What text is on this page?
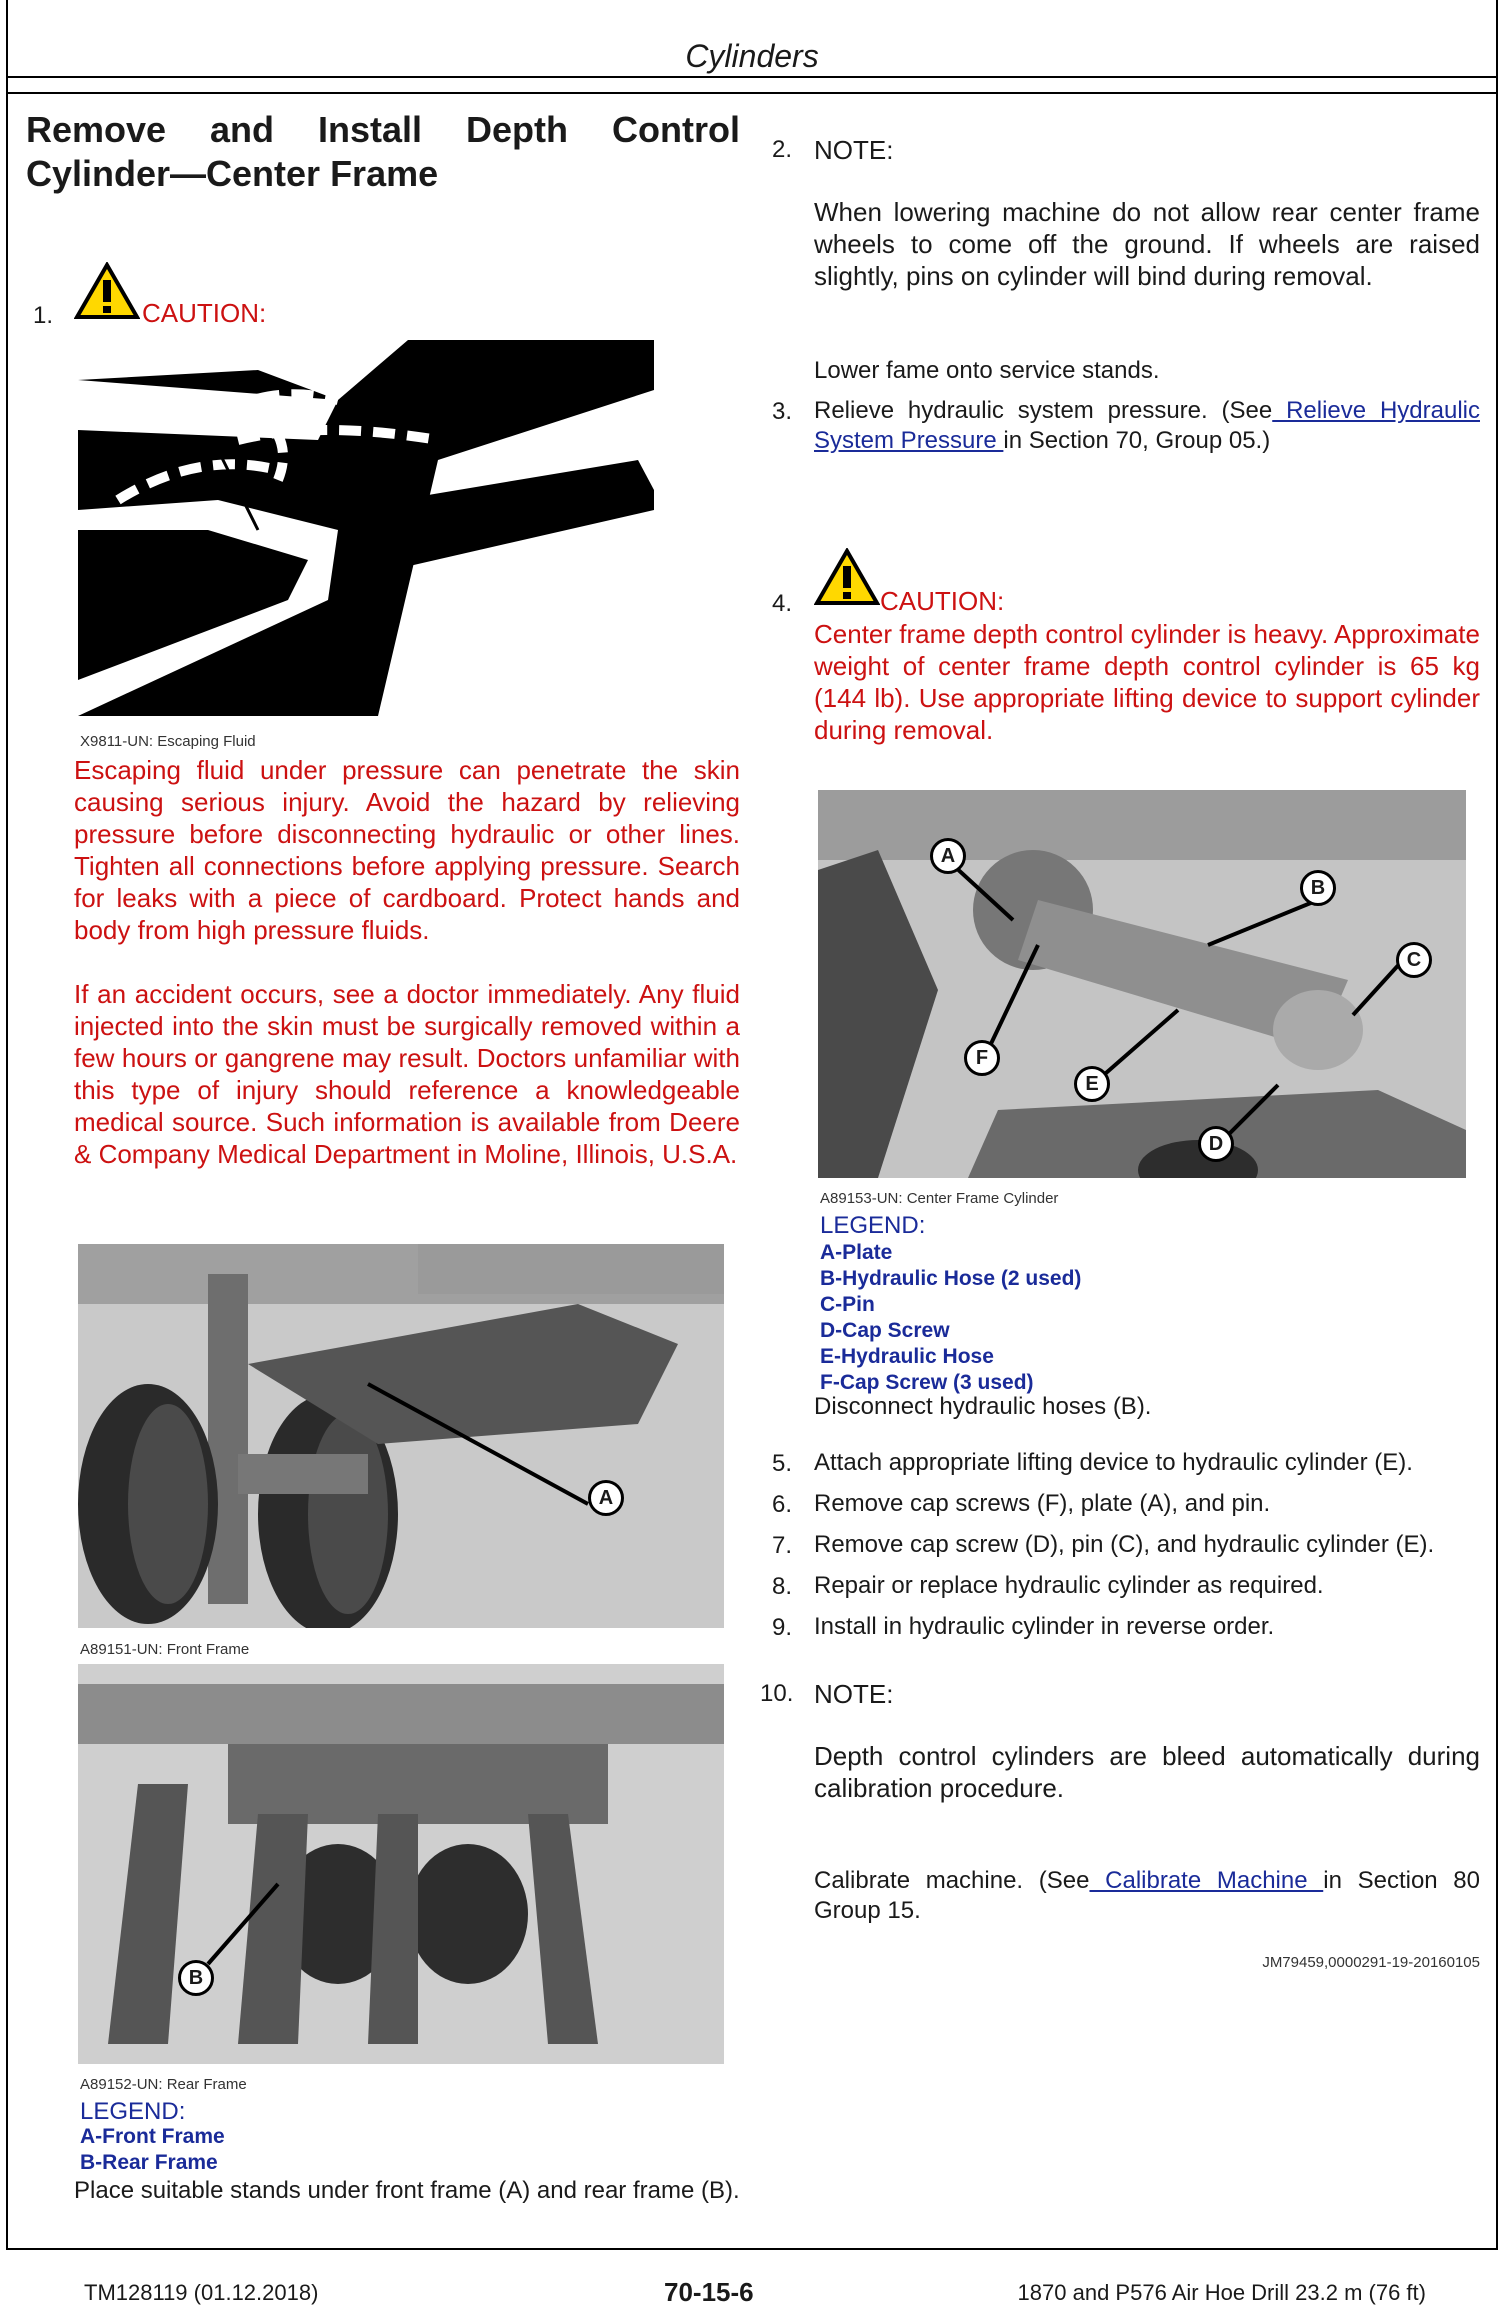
Cylinders
Remove and Install Depth Control
Cylinder—Center Frame
1.	CAUTION:
X9811-UN: Escaping Fluid
Escaping fluid under pressure can penetrate the skin causing serious injury. Avoid the hazard by relieving pressure before disconnecting hydraulic or other lines. Tighten all connections before applying pressure. Search for leaks with a piece of cardboard. Protect hands and body from high pressure fluids.
If an accident occurs, see a doctor immediately. Any fluid injected into the skin must be surgically removed within a few hours or gangrene may result. Doctors unfamiliar with this type of injury should reference a knowledgeable medical source. Such information is available from Deere & Company Medical Department in Moline, Illinois, U.S.A.
A
A89151-UN: Front Frame
B
A89152-UN: Rear Frame
LEGEND:
A-Front Frame
B-Rear Frame
Place suitable stands under front frame (A) and rear frame (B).
2. NOTE:
When lowering machine do not allow rear center frame wheels to come off the ground. If wheels are raised slightly, pins on cylinder will bind during removal.
Lower fame onto service stands.
3. Relieve hydraulic system pressure. (See Relieve Hydraulic System Pressure in Section 70, Group 05.)
4.	CAUTION:
Center frame depth control cylinder is heavy. Approximate weight of center frame depth control cylinder is 65 kg (144 lb). Use appropriate lifting device to support cylinder during removal.
A
B
C
D
E
F
A89153-UN: Center Frame Cylinder
LEGEND:
A-Plate
B-Hydraulic Hose (2 used)
C-Pin
D-Cap Screw
E-Hydraulic Hose
F-Cap Screw (3 used)
Disconnect hydraulic hoses (B).
5. Attach appropriate lifting device to hydraulic cylinder (E).
6. Remove cap screws (F), plate (A), and pin.
7. Remove cap screw (D), pin (C), and hydraulic cylinder (E).
8. Repair or replace hydraulic cylinder as required.
9. Install in hydraulic cylinder in reverse order.
10. NOTE:
Depth control cylinders are bleed automatically during calibration procedure.
Calibrate machine. (See Calibrate Machine in Section 80 Group 15.
JM79459,0000291-19-20160105
TM128119 (01.12.2018)	70-15-6	1870 and P576 Air Hoe Drill 23.2 m (76 ft)
